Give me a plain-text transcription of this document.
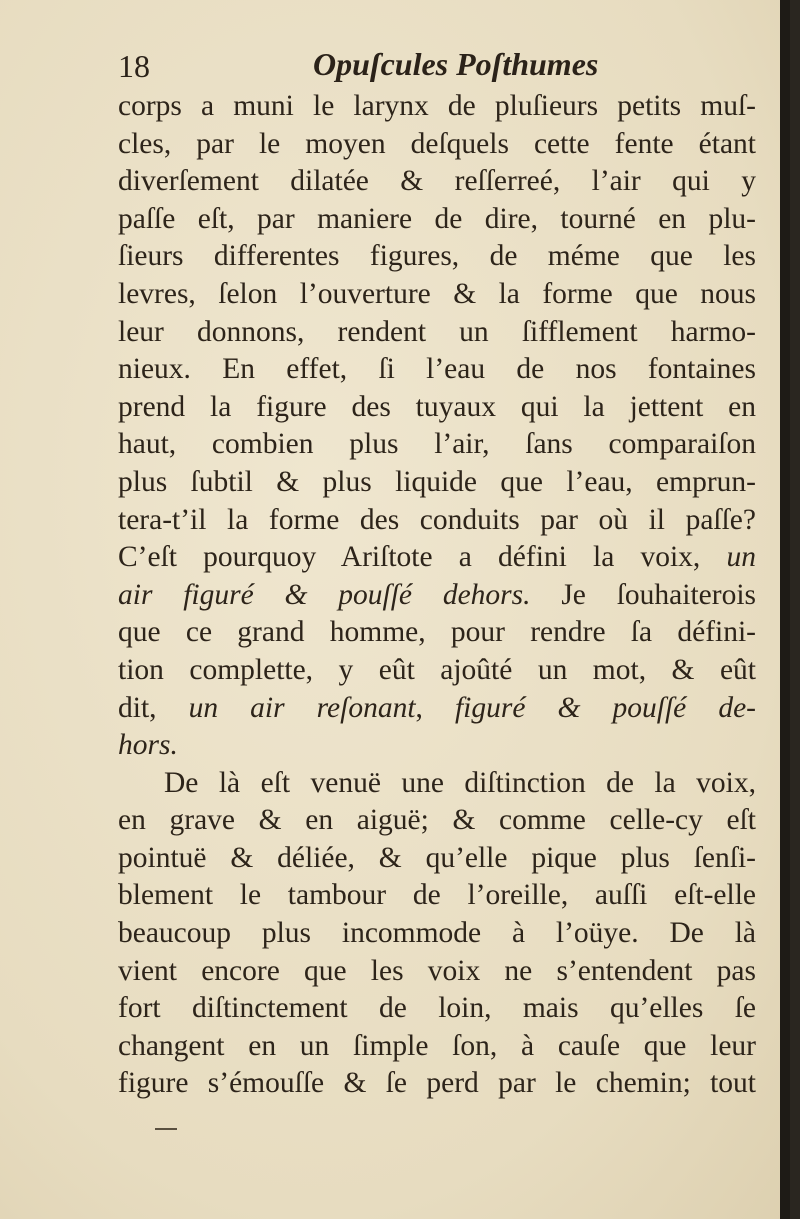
18	Opuſcules Poſthumes
corps a muni le larynx de pluſieurs petits muſ-
cles, par le moyen deſquels cette fente étant
diverſement dilatée & reſſerreé, l’air qui y
paſſe eſt, par maniere de dire, tourné en plu-
ſieurs differentes figures, de méme que les
levres, ſelon l’ouverture & la forme que nous
leur donnons, rendent un ſifflement harmo-
nieux. En effet, ſi l’eau de nos fontaines
prend la figure des tuyaux qui la jettent en
haut, combien plus l’air, ſans comparaiſon
plus ſubtil & plus liquide que l’eau, emprun-
tera-t’il la forme des conduits par où il paſſe?
C’eſt pourquoy Ariſtote a défini la voix, un
air figuré & pouſſé dehors. Je ſouhaiterois
que ce grand homme, pour rendre ſa défini-
tion complette, y eût ajoûté un mot, & eût
dit, un air reſonant, figuré & pouſſé de-
hors.
De là eſt venuë une diſtinction de la voix,
en grave & en aiguë; & comme celle-cy eſt
pointuë & déliée, & qu’elle pique plus ſenſi-
blement le tambour de l’oreille, auſſi eſt-elle
beaucoup plus incommode à l’oüye. De là
vient encore que les voix ne s’entendent pas
fort diſtinctement de loin, mais qu’elles ſe
changent en un ſimple ſon, à cauſe que leur
figure s’émouſſe & ſe perd par le chemin; tout
